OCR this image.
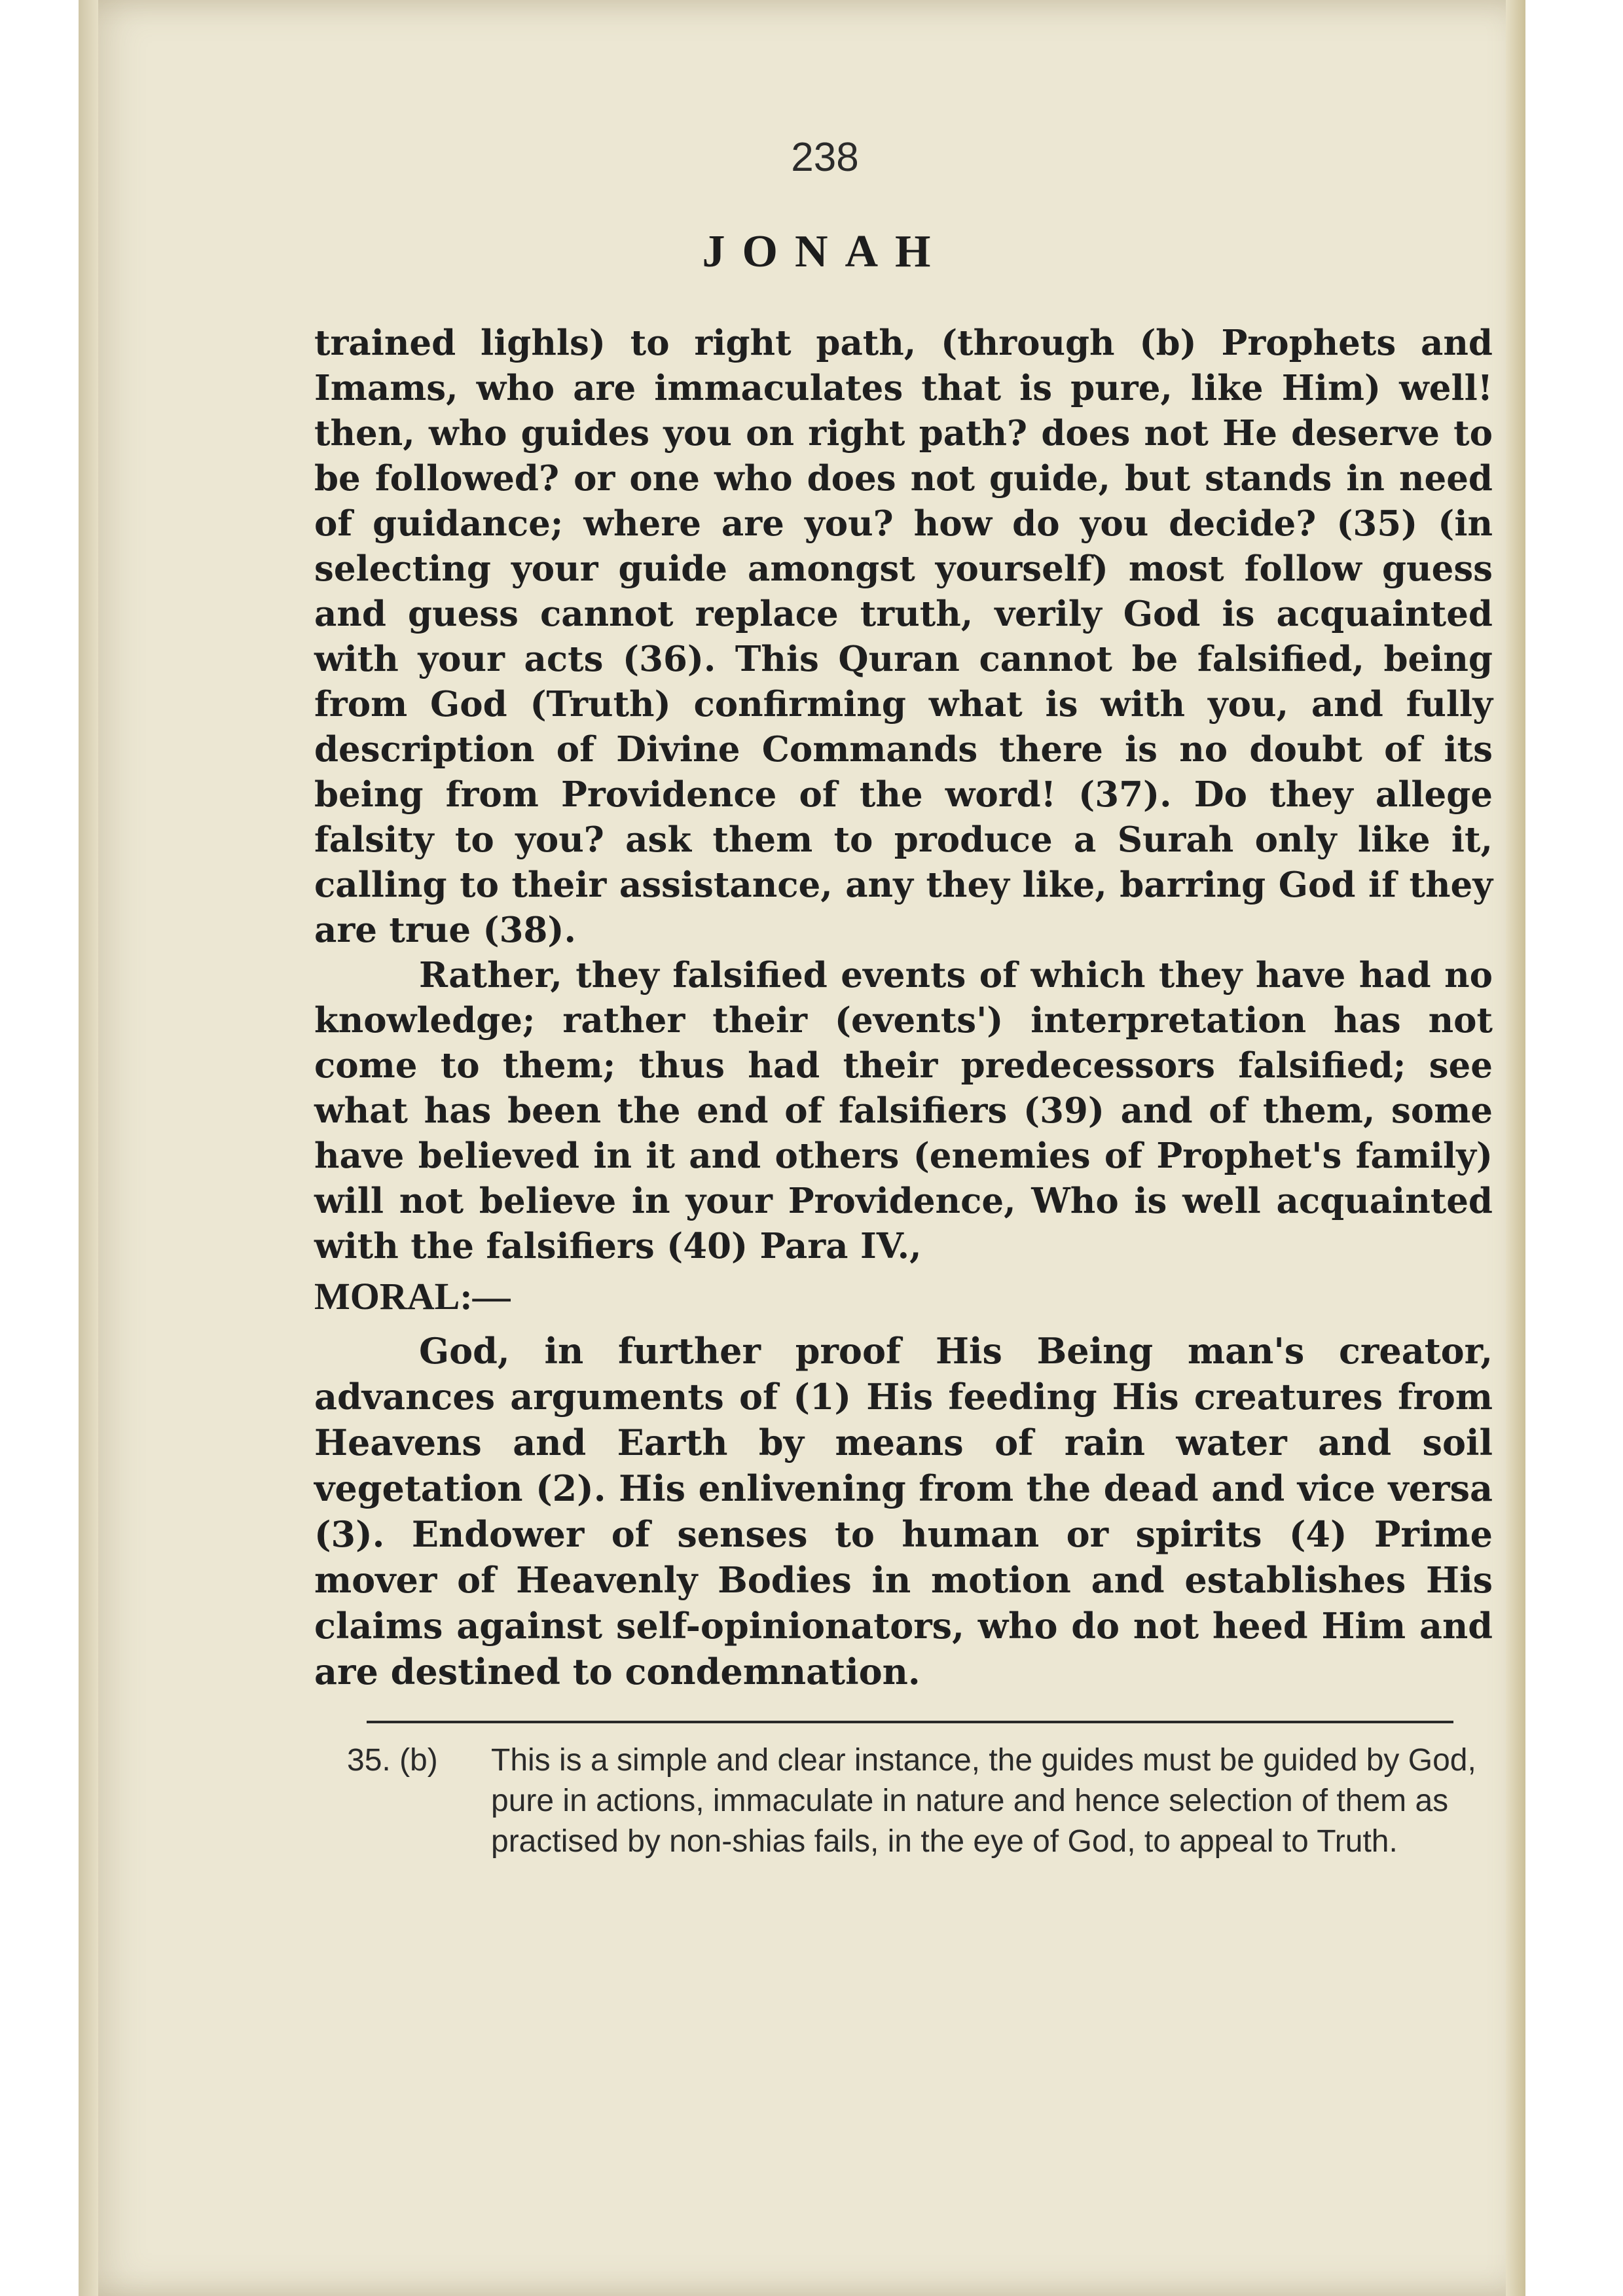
238
JONAH

trained lighls) to right path, (through (b) Prophets and Imams, who are immaculates that is pure, like Him) well! then, who guides you on right path? does not He deserve to be followed? or one who does not guide, but stands in need of guidance; where are you? how do you decide? (35) (in selecting your guide amongst yourself) most follow guess and guess cannot replace truth, verily God is acquainted with your acts (36). This Quran cannot be falsified, being from God (Truth) confirming what is with you, and fully description of Divine Commands there is no doubt of its being from Providence of the word! (37). Do they allege falsity to you? ask them to produce a Surah only like it, calling to their assistance, any they like, barring God if they are true (38).

Rather, they falsified events of which they have had no knowledge; rather their (events') interpretation has not come to them; thus had their predecessors falsified; see what has been the end of falsifiers (39) and of them, some have believed in it and others (enemies of Prophet's family) will not believe in your Providence, Who is well acquainted with the falsifiers (40) Para IV.,

MORAL:—

God, in further proof His Being man's creator, advances arguments of (1) His feeding His creatures from Heavens and Earth by means of rain water and soil vegetation (2). His enlivening from the dead and vice versa (3). Endower of senses to human or spirits (4) Prime mover of Heavenly Bodies in motion and establishes His claims against self-opinionators, who do not heed Him and are destined to condemnation.

35. (b) This is a simple and clear instance, the guides must be guided by God, pure in actions, immaculate in nature and hence selection of them as practised by non-shias fails, in the eye of God, to appeal to Truth.
